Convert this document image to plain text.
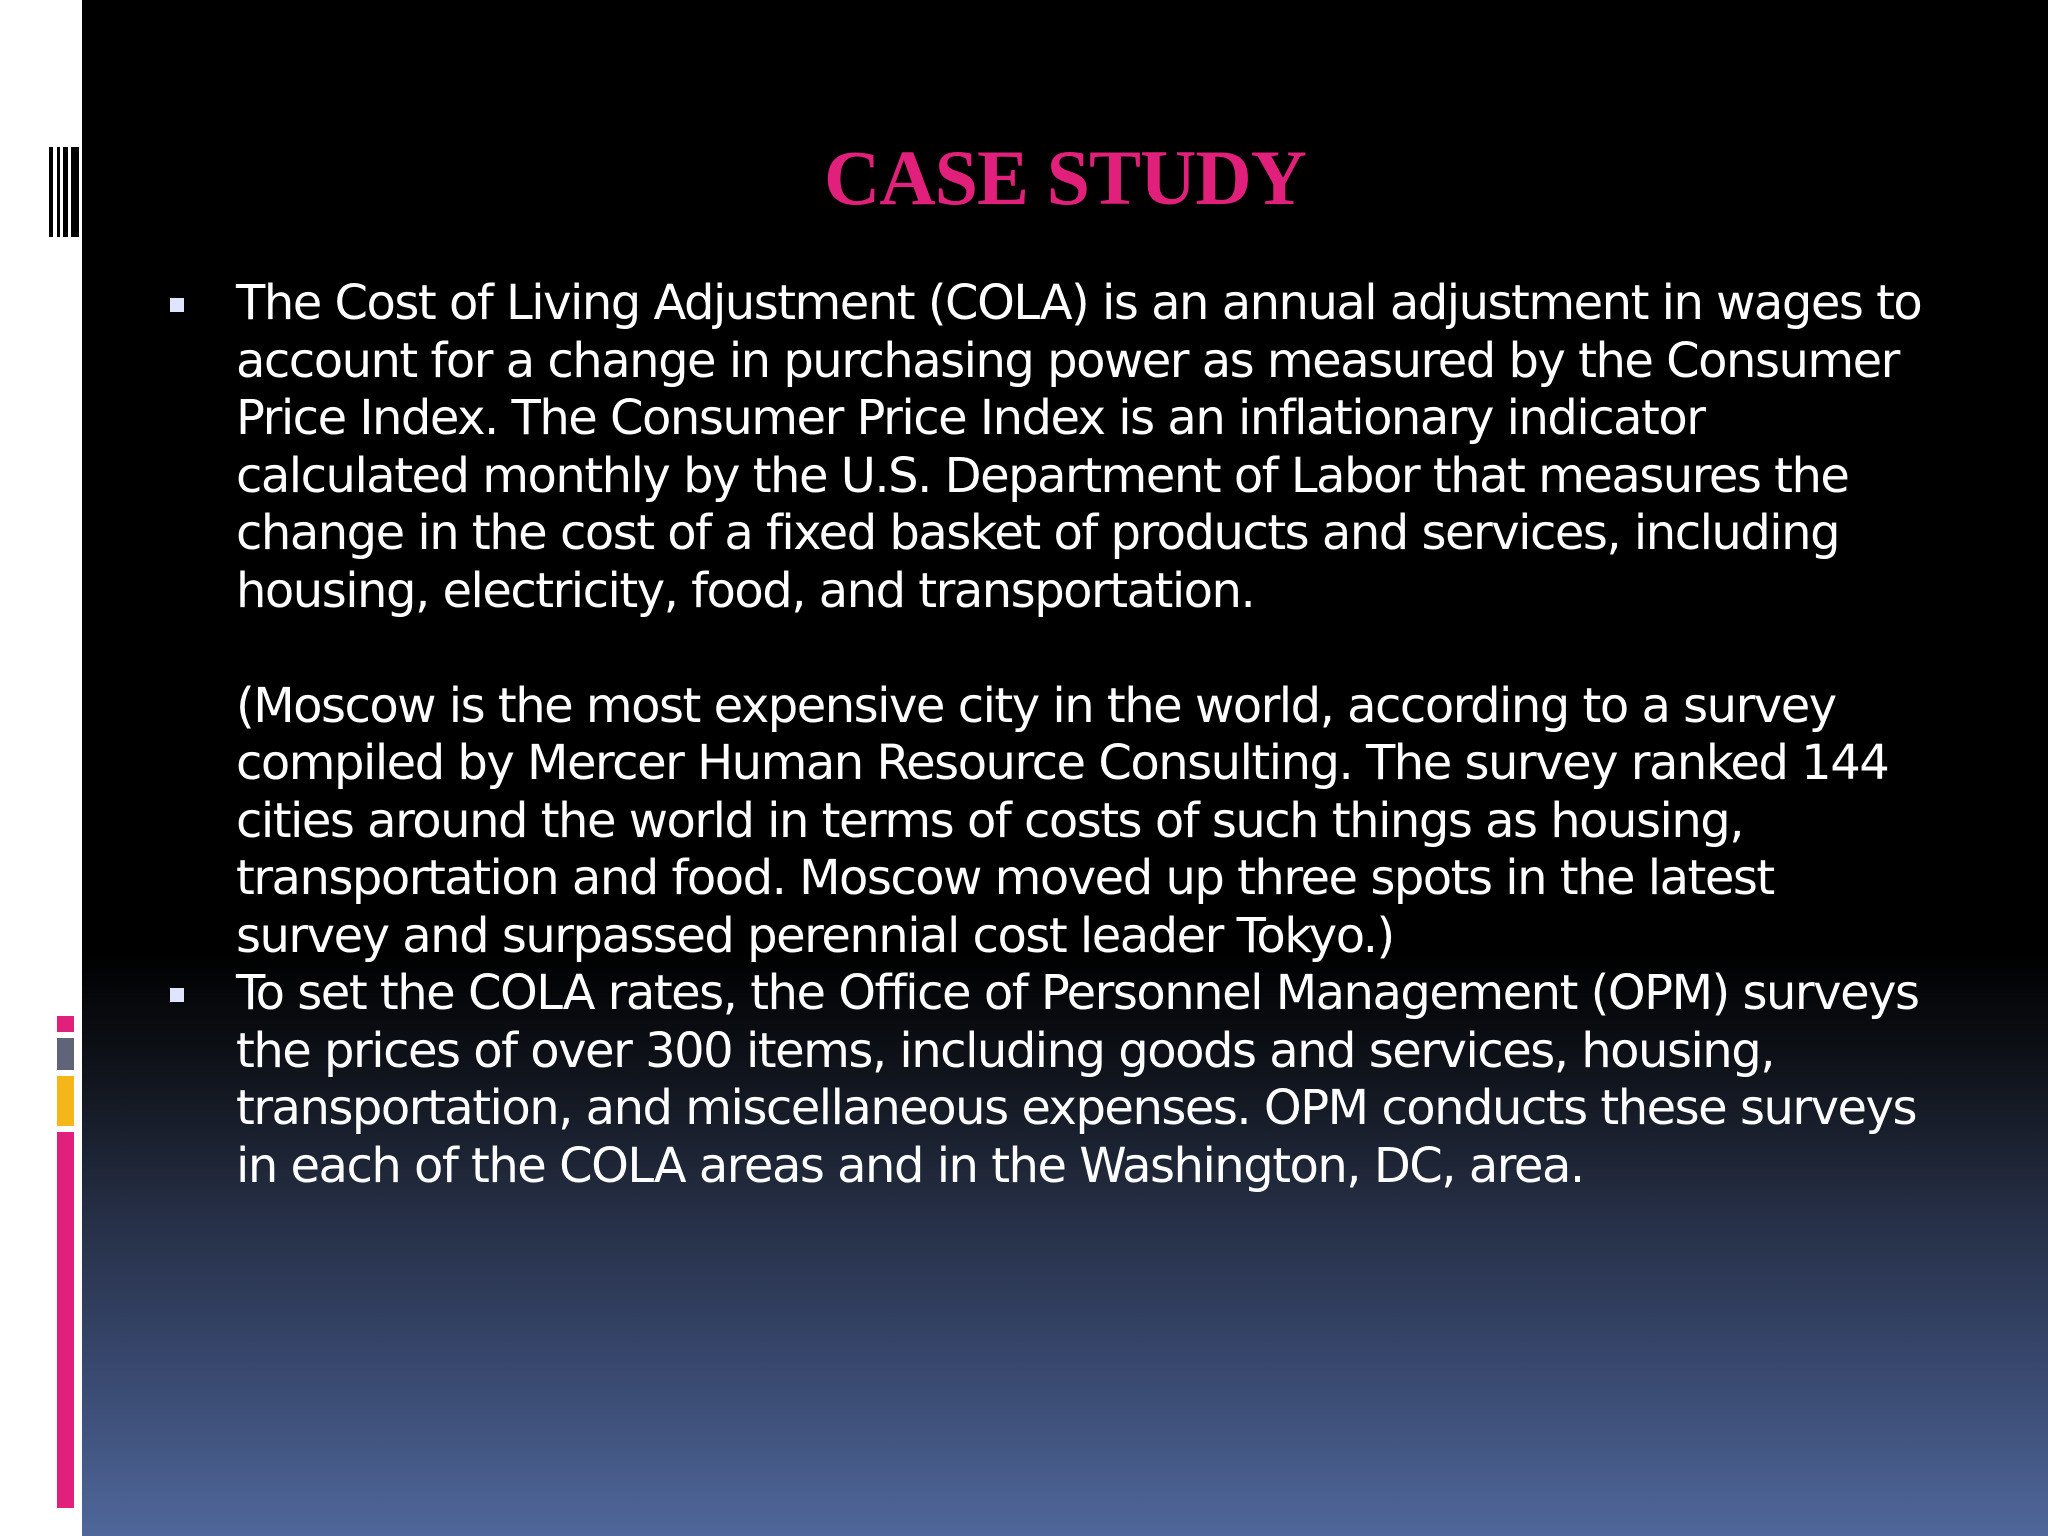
CASE STUDY

The Cost of Living Adjustment (COLA) is an annual adjustment in wages to account for a change in purchasing power as measured by the Consumer Price Index. The Consumer Price Index is an inflationary indicator calculated monthly by the U.S. Department of Labor that measures the change in the cost of a fixed basket of products and services, including housing, electricity, food, and transportation.

(Moscow is the most expensive city in the world, according to a survey compiled by Mercer Human Resource Consulting. The survey ranked 144 cities around the world in terms of costs of such things as housing, transportation and food. Moscow moved up three spots in the latest survey and surpassed perennial cost leader Tokyo.)

To set the COLA rates, the Office of Personnel Management (OPM) surveys the prices of over 300 items, including goods and services, housing, transportation, and miscellaneous expenses. OPM conducts these surveys in each of the COLA areas and in the Washington, DC, area.
